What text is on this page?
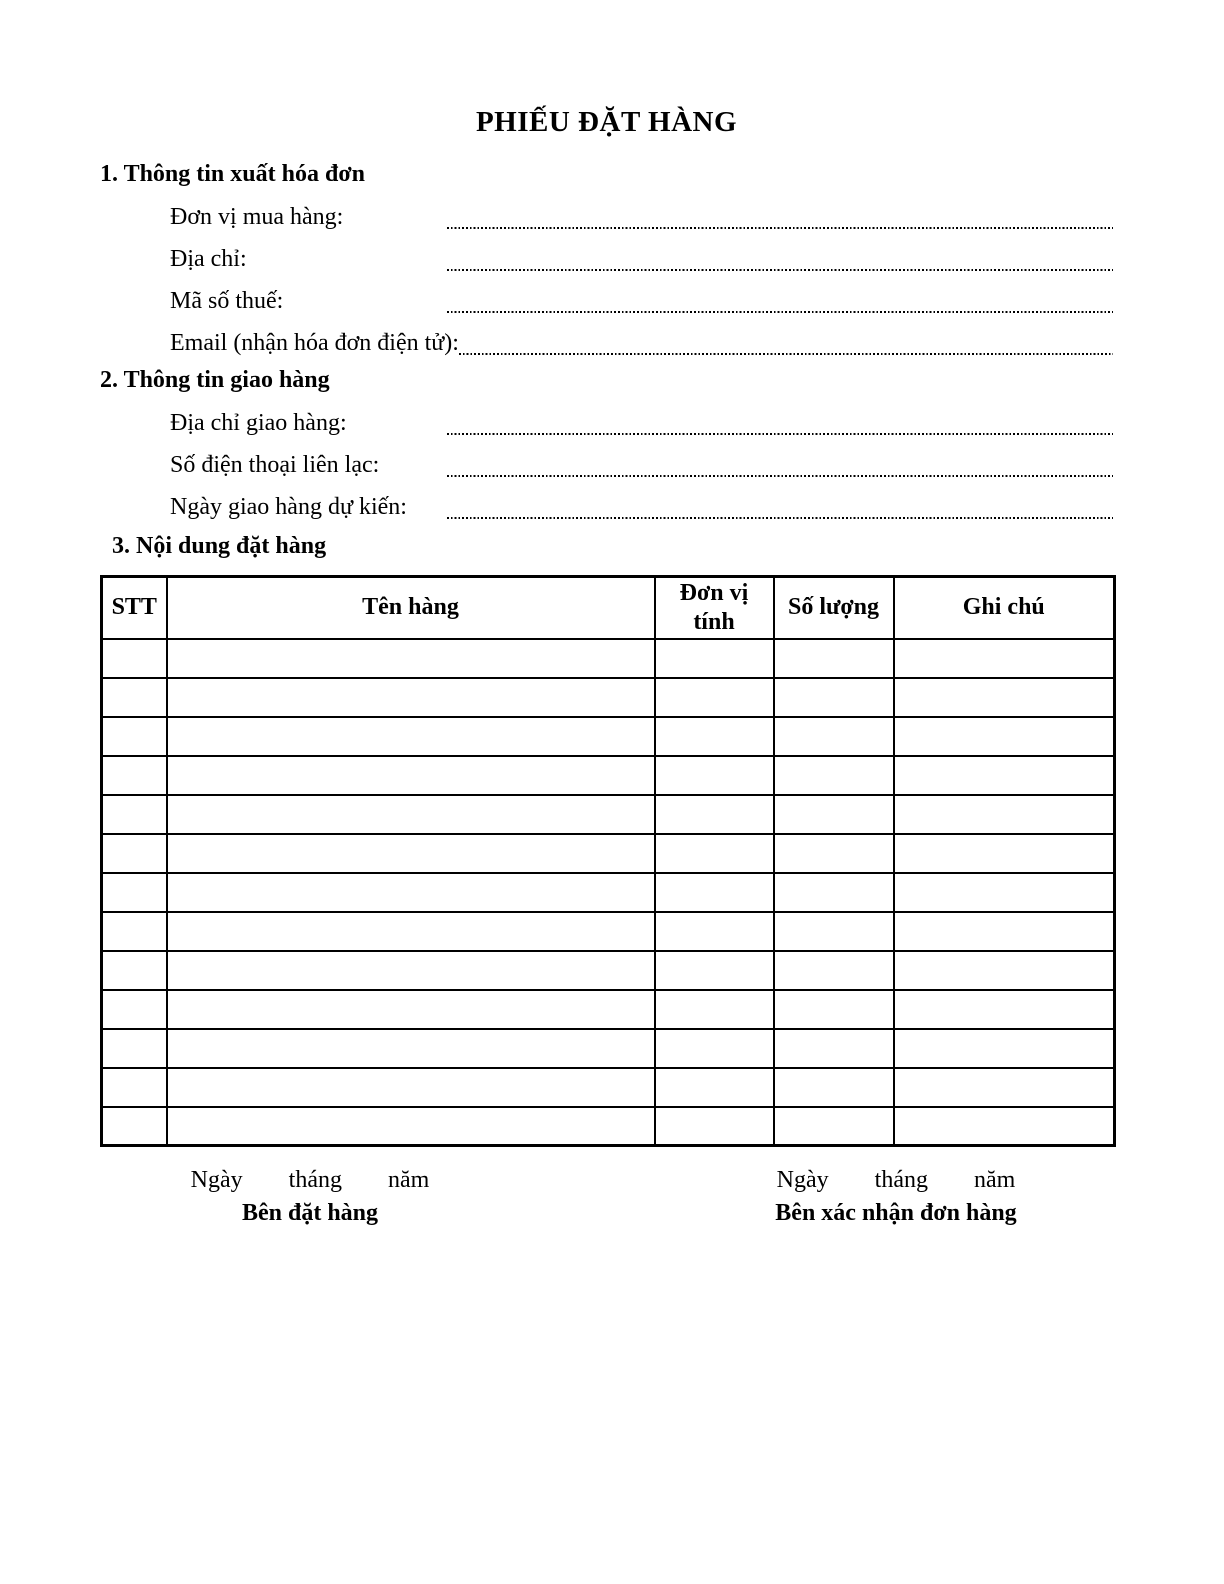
PHIẾU ĐẶT HÀNG
1. Thông tin xuất hóa đơn
Đơn vị mua hàng:
Địa chỉ:
Mã số thuế:
Email (nhận hóa đơn điện tử):
2. Thông tin giao hàng
Địa chỉ giao hàng:
Số điện thoại liên lạc:
Ngày giao hàng dự kiến:
3. Nội dung đặt hàng
STT	Tên hàng	Đơn vị tính	Số lượng	Ghi chú

Ngày tháng năm
Bên đặt hàng
Ngày tháng năm
Bên xác nhận đơn hàng
